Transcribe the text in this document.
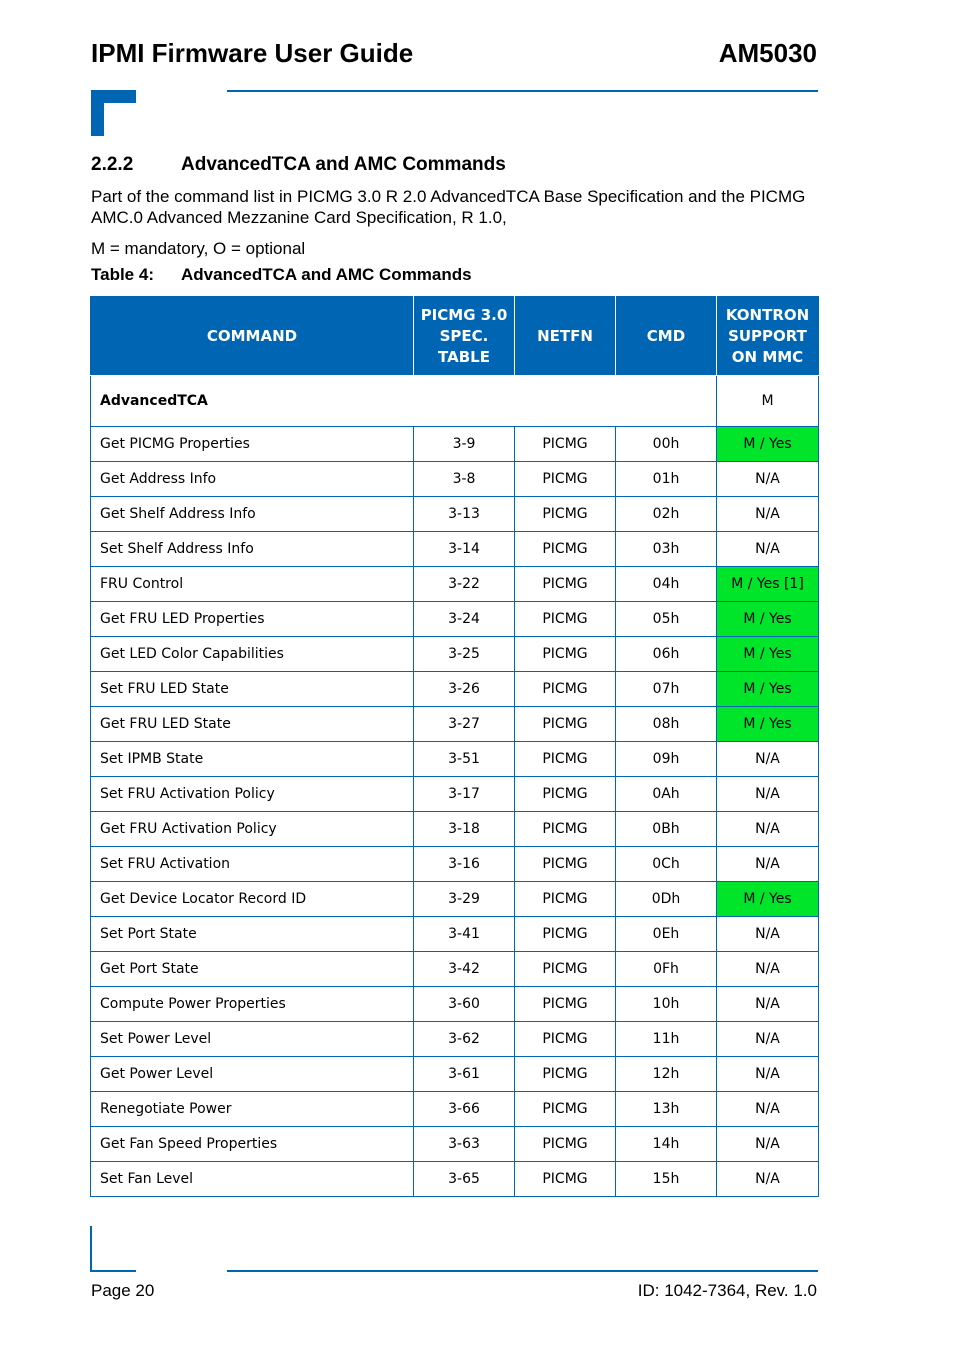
IPMI Firmware User Guide	AM5030
2.2.2	AdvancedTCA and AMC Commands
Part of the command list in PICMG 3.0 R 2.0 AdvancedTCA Base Specification and the PICMG AMC.0 Advanced Mezzanine Card Specification, R 1.0,
M = mandatory, O = optional
Table 4: AdvancedTCA and AMC Commands
COMMAND	PICMG 3.0 SPEC. TABLE	NETFN	CMD	KONTRON SUPPORT ON MMC
AdvancedTCA				M
Get PICMG Properties	3-9	PICMG	00h	M / Yes
Get Address Info	3-8	PICMG	01h	N/A
Get Shelf Address Info	3-13	PICMG	02h	N/A
Set Shelf Address Info	3-14	PICMG	03h	N/A
FRU Control	3-22	PICMG	04h	M / Yes [1]
Get FRU LED Properties	3-24	PICMG	05h	M / Yes
Get LED Color Capabilities	3-25	PICMG	06h	M / Yes
Set FRU LED State	3-26	PICMG	07h	M / Yes
Get FRU LED State	3-27	PICMG	08h	M / Yes
Set IPMB State	3-51	PICMG	09h	N/A
Set FRU Activation Policy	3-17	PICMG	0Ah	N/A
Get FRU Activation Policy	3-18	PICMG	0Bh	N/A
Set FRU Activation	3-16	PICMG	0Ch	N/A
Get Device Locator Record ID	3-29	PICMG	0Dh	M / Yes
Set Port State	3-41	PICMG	0Eh	N/A
Get Port State	3-42	PICMG	0Fh	N/A
Compute Power Properties	3-60	PICMG	10h	N/A
Set Power Level	3-62	PICMG	11h	N/A
Get Power Level	3-61	PICMG	12h	N/A
Renegotiate Power	3-66	PICMG	13h	N/A
Get Fan Speed Properties	3-63	PICMG	14h	N/A
Set Fan Level	3-65	PICMG	15h	N/A
Page 20	ID: 1042-7364, Rev. 1.0
